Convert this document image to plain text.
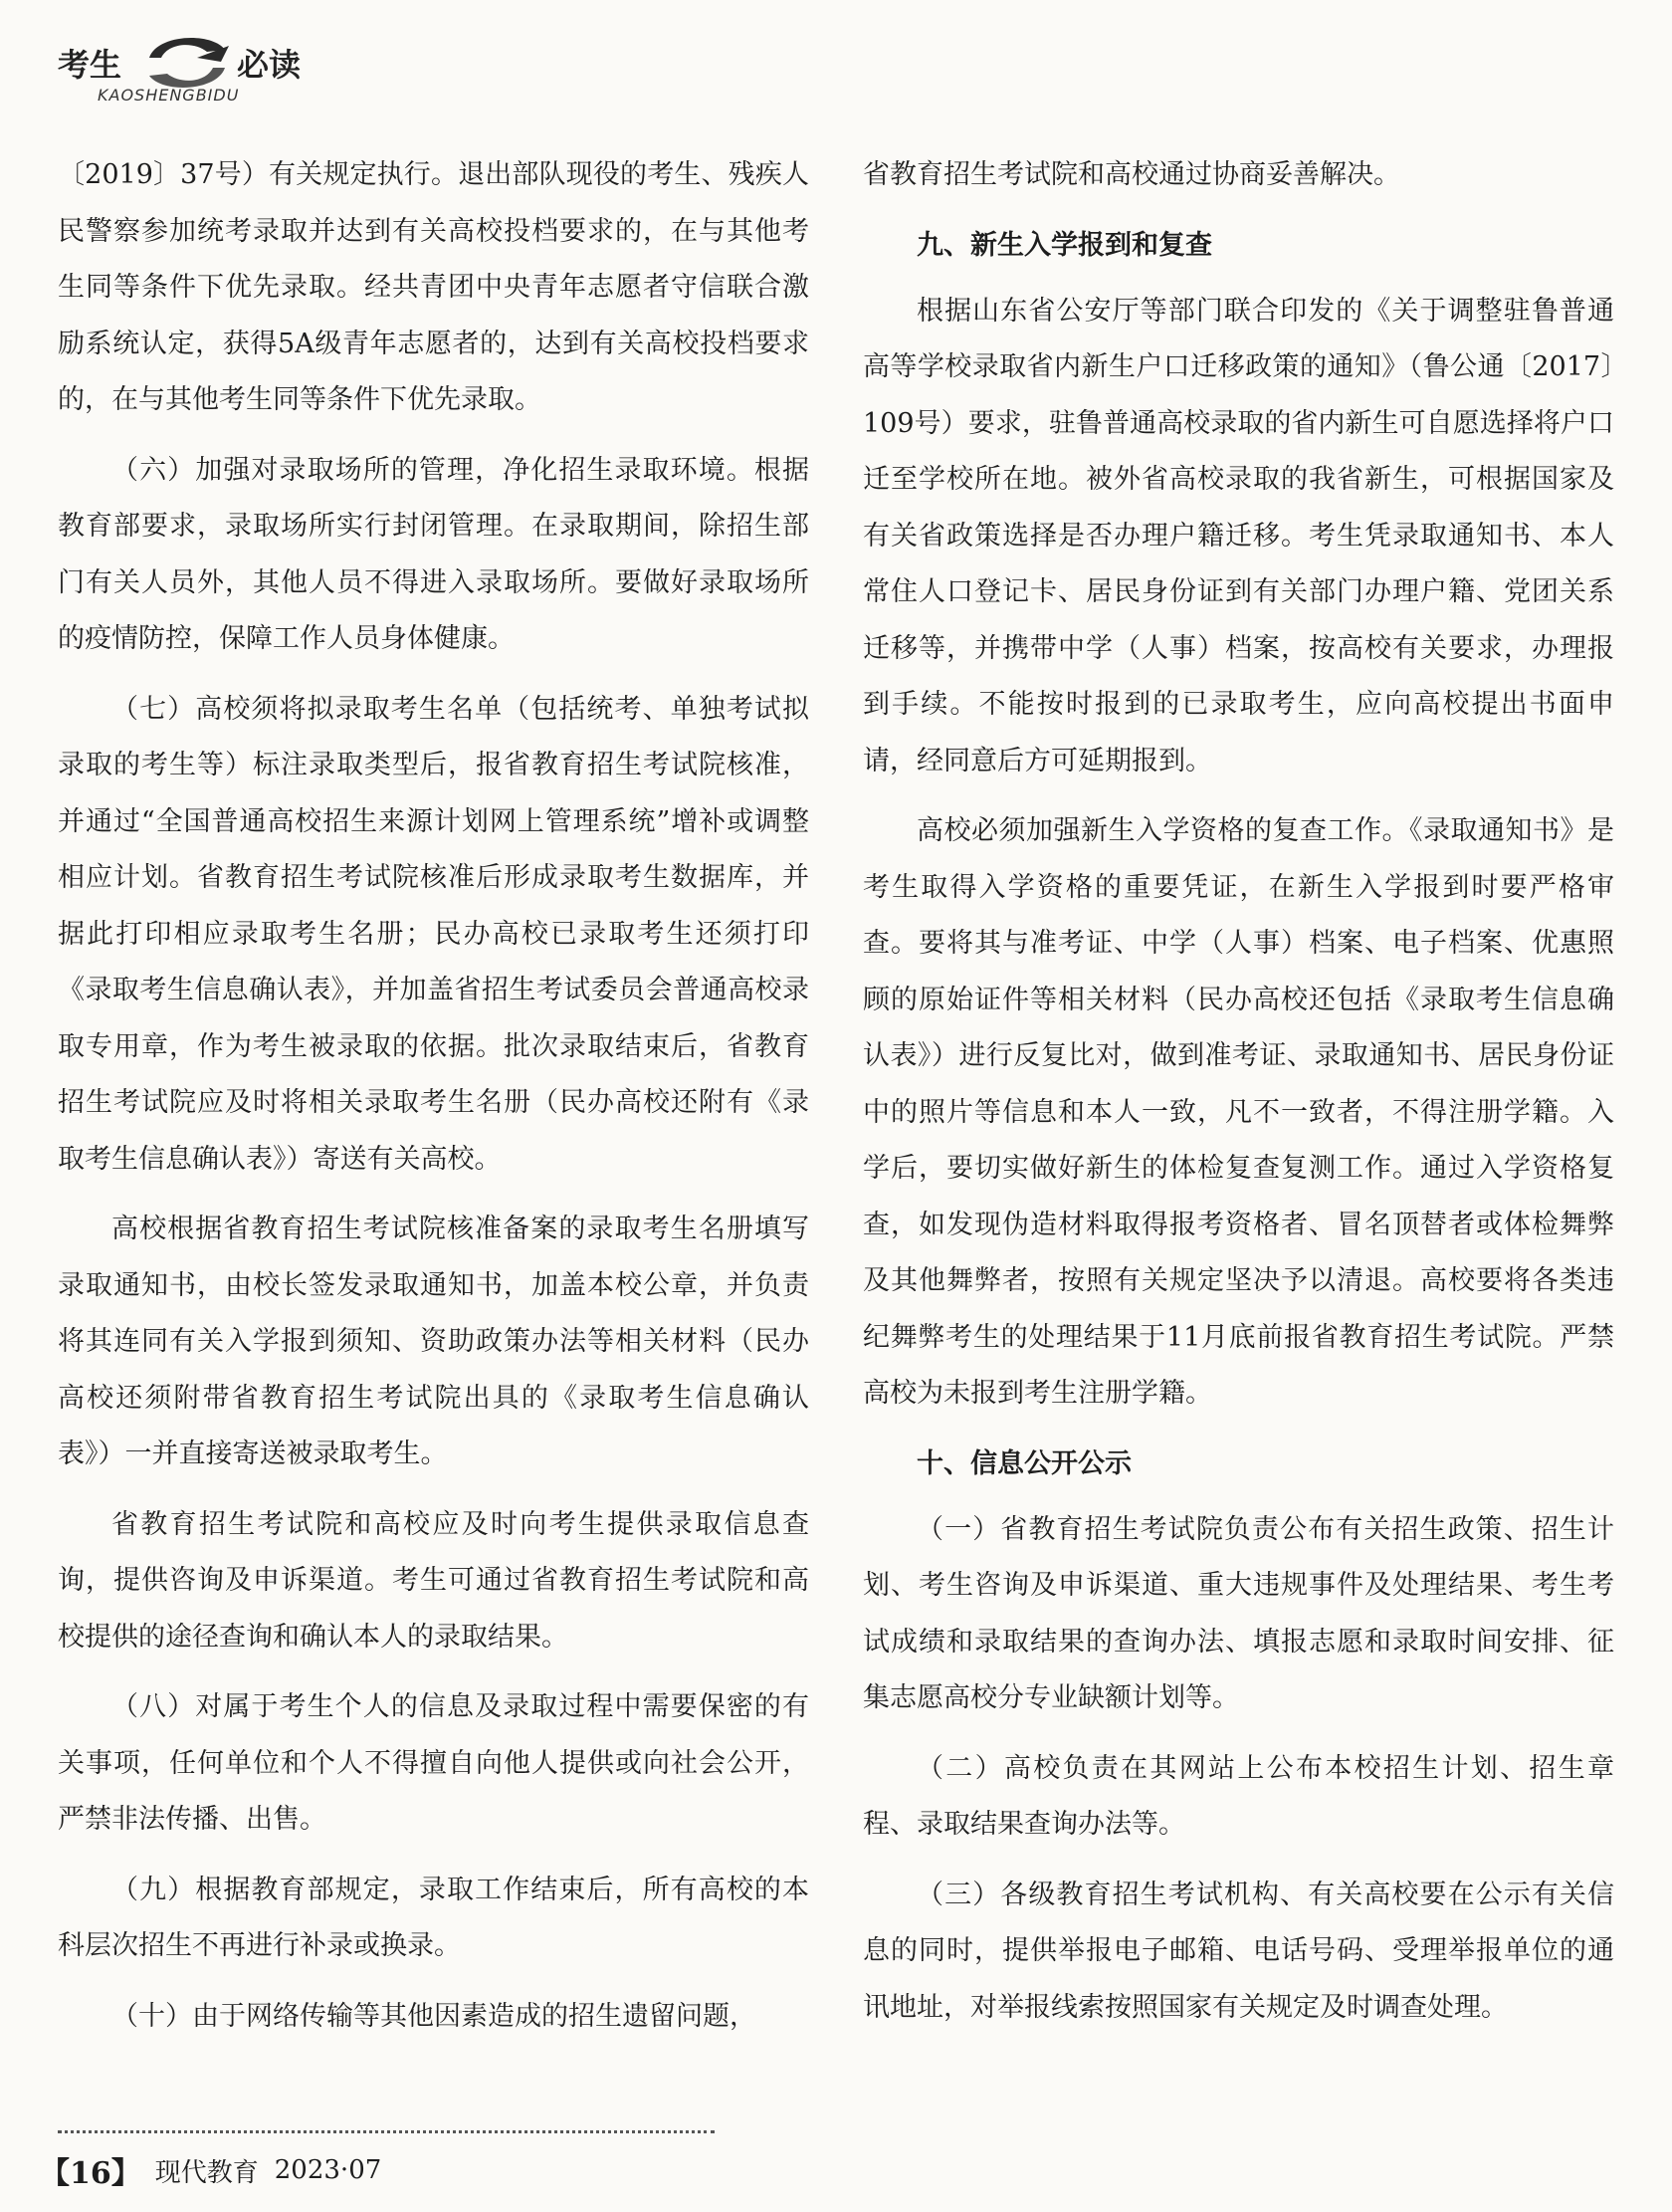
考生	必读
KAOSHENGBIDU

〔2019〕37号）有关规定执行。退出部队现役的考生、残疾人民警察参加统考录取并达到有关高校投档要求的，在与其他考生同等条件下优先录取。经共青团中央青年志愿者守信联合激励系统认定，获得5A级青年志愿者的，达到有关高校投档要求的，在与其他考生同等条件下优先录取。

（六）加强对录取场所的管理，净化招生录取环境。根据教育部要求，录取场所实行封闭管理。在录取期间，除招生部门有关人员外，其他人员不得进入录取场所。要做好录取场所的疫情防控，保障工作人员身体健康。

（七）高校须将拟录取考生名单（包括统考、单独考试拟录取的考生等）标注录取类型后，报省教育招生考试院核准，并通过“全国普通高校招生来源计划网上管理系统”增补或调整相应计划。省教育招生考试院核准后形成录取考生数据库，并据此打印相应录取考生名册；民办高校已录取考生还须打印《录取考生信息确认表》，并加盖省招生考试委员会普通高校录取专用章，作为考生被录取的依据。批次录取结束后，省教育招生考试院应及时将相关录取考生名册（民办高校还附有《录取考生信息确认表》）寄送有关高校。

高校根据省教育招生考试院核准备案的录取考生名册填写录取通知书，由校长签发录取通知书，加盖本校公章，并负责将其连同有关入学报到须知、资助政策办法等相关材料（民办高校还须附带省教育招生考试院出具的《录取考生信息确认表》）一并直接寄送被录取考生。

省教育招生考试院和高校应及时向考生提供录取信息查询，提供咨询及申诉渠道。考生可通过省教育招生考试院和高校提供的途径查询和确认本人的录取结果。

（八）对属于考生个人的信息及录取过程中需要保密的有关事项，任何单位和个人不得擅自向他人提供或向社会公开，严禁非法传播、出售。

（九）根据教育部规定，录取工作结束后，所有高校的本科层次招生不再进行补录或换录。

（十）由于网络传输等其他因素造成的招生遗留问题，

省教育招生考试院和高校通过协商妥善解决。

九、新生入学报到和复查

根据山东省公安厅等部门联合印发的《关于调整驻鲁普通高等学校录取省内新生户口迁移政策的通知》（鲁公通〔2017〕109号）要求，驻鲁普通高校录取的省内新生可自愿选择将户口迁至学校所在地。被外省高校录取的我省新生，可根据国家及有关省政策选择是否办理户籍迁移。考生凭录取通知书、本人常住人口登记卡、居民身份证到有关部门办理户籍、党团关系迁移等，并携带中学（人事）档案，按高校有关要求，办理报到手续。不能按时报到的已录取考生，应向高校提出书面申请，经同意后方可延期报到。

高校必须加强新生入学资格的复查工作。《录取通知书》是考生取得入学资格的重要凭证，在新生入学报到时要严格审查。要将其与准考证、中学（人事）档案、电子档案、优惠照顾的原始证件等相关材料（民办高校还包括《录取考生信息确认表》）进行反复比对，做到准考证、录取通知书、居民身份证中的照片等信息和本人一致，凡不一致者，不得注册学籍。入学后，要切实做好新生的体检复查复测工作。通过入学资格复查，如发现伪造材料取得报考资格者、冒名顶替者或体检舞弊及其他舞弊者，按照有关规定坚决予以清退。高校要将各类违纪舞弊考生的处理结果于11月底前报省教育招生考试院。严禁高校为未报到考生注册学籍。

十、信息公开公示

（一）省教育招生考试院负责公布有关招生政策、招生计划、考生咨询及申诉渠道、重大违规事件及处理结果、考生考试成绩和录取结果的查询办法、填报志愿和录取时间安排、征集志愿高校分专业缺额计划等。

（二）高校负责在其网站上公布本校招生计划、招生章程、录取结果查询办法等。

（三）各级教育招生考试机构、有关高校要在公示有关信息的同时，提供举报电子邮箱、电话号码、受理举报单位的通讯地址，对举报线索按照国家有关规定及时调查处理。

【16】 现代教育 2023·07
